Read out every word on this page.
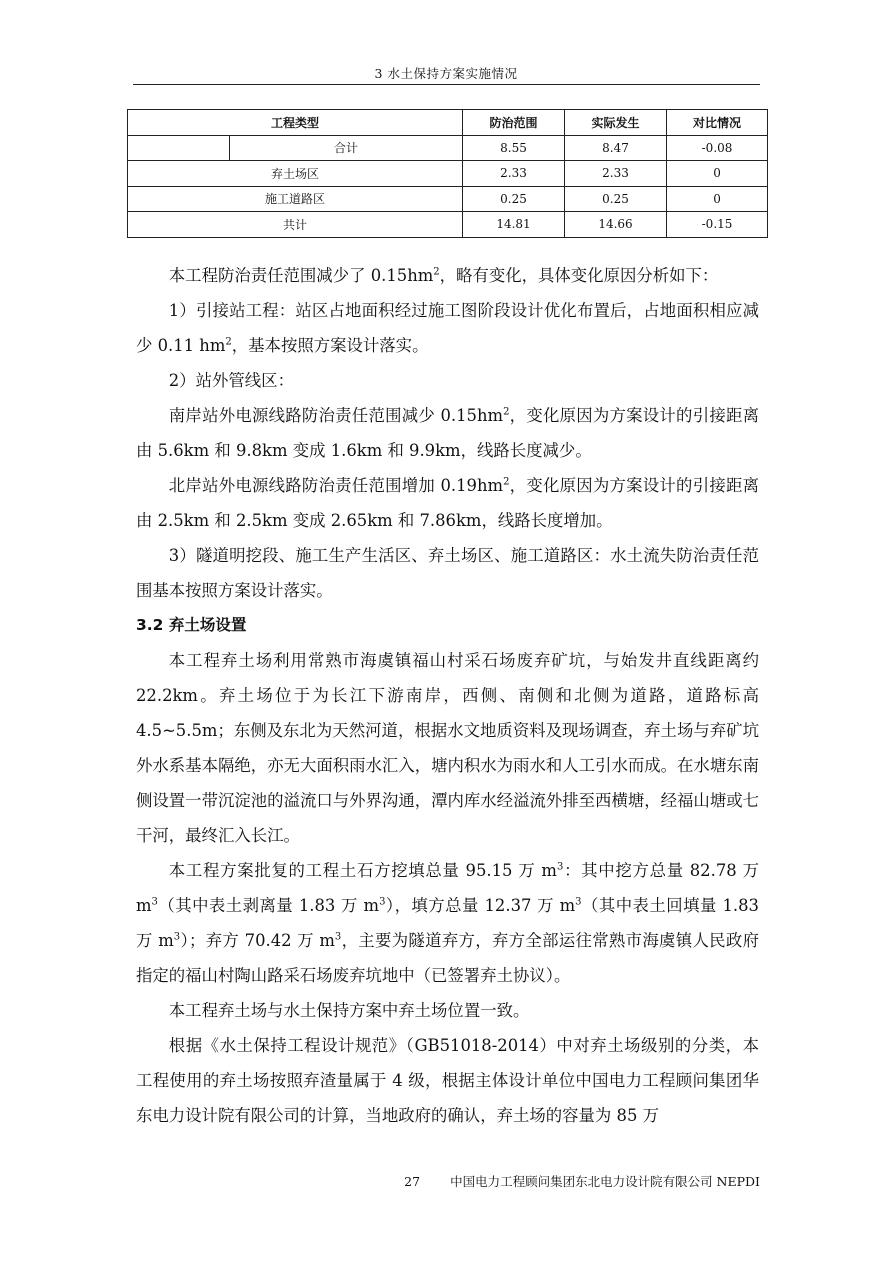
3 水土保持方案实施情况
工程类型		防治范围	实际发生	对比情况
	合计	8.55	8.47	-0.08
弃土场区		2.33	2.33	0
施工道路区		0.25	0.25	0
共计		14.81	14.66	-0.15

本工程防治责任范围减少了 $0.15hm^2$，略有变化，具体变化原因分析如下：

1）引接站工程：站区占地面积经过施工图阶段设计优化布置后，占地面积相应减少 0.11 $hm^2$，基本按照方案设计落实。

2）站外管线区：

南岸站外电源线路防治责任范围减少 $0.15hm^2$，变化原因为方案设计的引接距离由 5.6km 和 9.8km 变成 1.6km 和 9.9km，线路长度减少。

北岸站外电源线路防治责任范围增加 $0.19hm^2$，变化原因为方案设计的引接距离由 2.5km 和 2.5km 变成 2.65km 和 7.86km，线路长度增加。

3）隧道明挖段、施工生产生活区、弃土场区、施工道路区：水土流失防治责任范围基本按照方案设计落实。

3.2 弃土场设置

本工程弃土场利用常熟市海虞镇福山村采石场废弃矿坑，与始发井直线距离约 22.2km。弃土场位于为长江下游南岸，西侧、南侧和北侧为道路，道路标高 4.5~5.5m；东侧及东北为天然河道，根据水文地质资料及现场调查，弃土场与弃矿坑外水系基本隔绝，亦无大面积雨水汇入，塘内积水为雨水和人工引水而成。在水塘东南侧设置一带沉淀池的溢流口与外界沟通，潭内库水经溢流外排至西横塘，经福山塘或七干河，最终汇入长江。

本工程方案批复的工程土石方挖填总量 95.15 万 $m^3$：其中挖方总量 82.78 万 $m^3$（其中表土剥离量 1.83 万 $m^3$），填方总量 12.37 万 $m^3$（其中表土回填量 1.83 万 $m^3$）；弃方 70.42 万 $m^3$，主要为隧道弃方，弃方全部运往常熟市海虞镇人民政府指定的福山村陶山路采石场废弃坑地中（已签署弃土协议）。

本工程弃土场与水土保持方案中弃土场位置一致。

根据《水土保持工程设计规范》（GB51018-2014）中对弃土场级别的分类，本工程使用的弃土场按照弃渣量属于 4 级，根据主体设计单位中国电力工程顾问集团华东电力设计院有限公司的计算，当地政府的确认，弃土场的容量为 85 万

27 中国电力工程顾问集团东北电力设计院有限公司 NEPDI
